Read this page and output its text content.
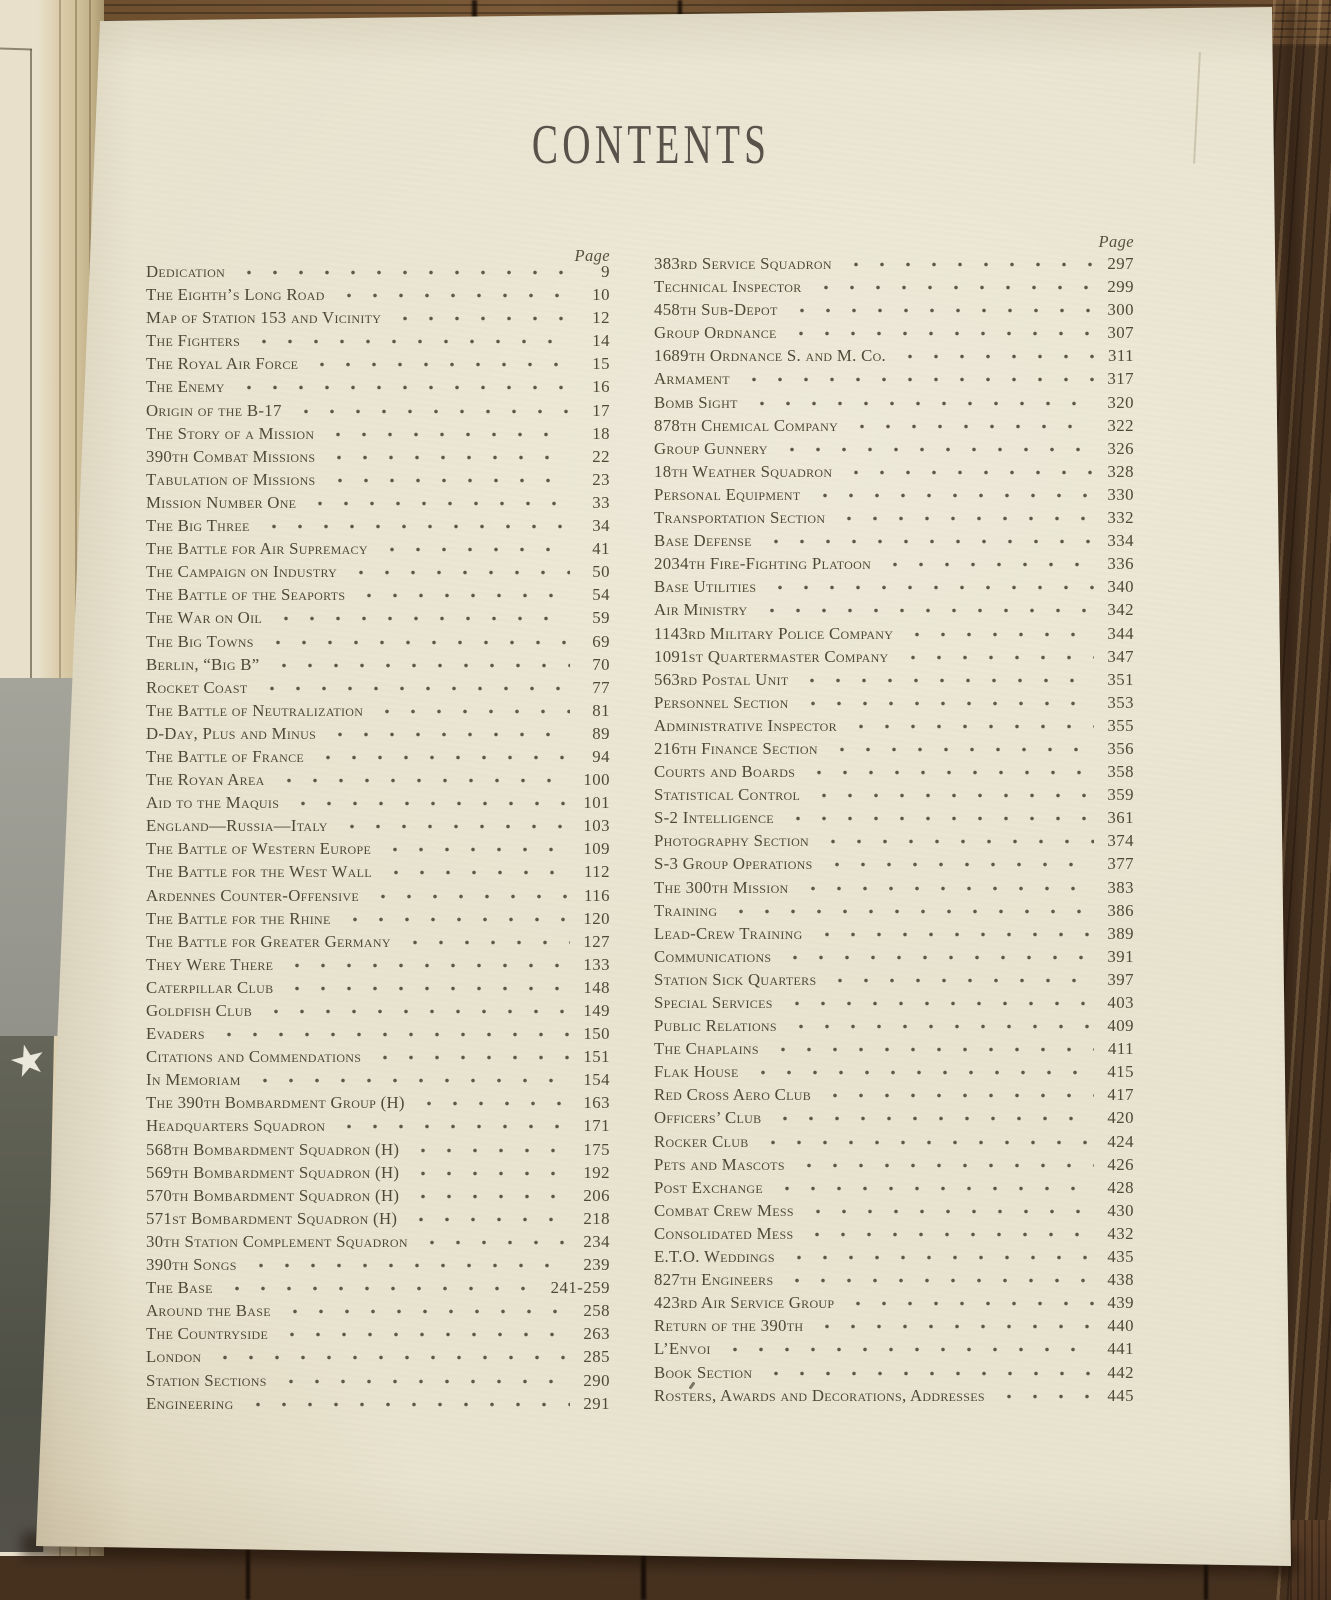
CONTENTS
Page
Page
Dedication	9
The Eighth’s Long Road	10
Map of Station 153 and Vicinity	12
The Fighters	14
The Royal Air Force	15
The Enemy	16
Origin of the B-17	17
The Story of a Mission	18
390th Combat Missions	22
Tabulation of Missions	23
Mission Number One	33
The Big Three	34
The Battle for Air Supremacy	41
The Campaign on Industry	50
The Battle of the Seaports	54
The War on Oil	59
The Big Towns	69
Berlin, “Big B”	70
Rocket Coast	77
The Battle of Neutralization	81
D-Day, Plus and Minus	89
The Battle of France	94
The Royan Area	100
Aid to the Maquis	101
England—Russia—Italy	103
The Battle of Western Europe	109
The Battle for the West Wall	112
Ardennes Counter-Offensive	116
The Battle for the Rhine	120
The Battle for Greater Germany	127
They Were There	133
Caterpillar Club	148
Goldfish Club	149
Evaders	150
Citations and Commendations	151
In Memoriam	154
The 390th Bombardment Group (H)	163
Headquarters Squadron	171
568th Bombardment Squadron (H)	175
569th Bombardment Squadron (H)	192
570th Bombardment Squadron (H)	206
571st Bombardment Squadron (H)	218
30th Station Complement Squadron	234
390th Songs	239
The Base	241-259
Around the Base	258
The Countryside	263
London	285
Station Sections	290
Engineering	291
383rd Service Squadron	297
Technical Inspector	299
458th Sub-Depot	300
Group Ordnance	307
1689th Ordnance S. and M. Co.	311
Armament	317
Bomb Sight	320
878th Chemical Company	322
Group Gunnery	326
18th Weather Squadron	328
Personal Equipment	330
Transportation Section	332
Base Defense	334
2034th Fire-Fighting Platoon	336
Base Utilities	340
Air Ministry	342
1143rd Military Police Company	344
1091st Quartermaster Company	347
563rd Postal Unit	351
Personnel Section	353
Administrative Inspector	355
216th Finance Section	356
Courts and Boards	358
Statistical Control	359
S-2 Intelligence	361
Photography Section	374
S-3 Group Operations	377
The 300th Mission	383
Training	386
Lead-Crew Training	389
Communications	391
Station Sick Quarters	397
Special Services	403
Public Relations	409
The Chaplains	411
Flak House	415
Red Cross Aero Club	417
Officers’ Club	420
Rocker Club	424
Pets and Mascots	426
Post Exchange	428
Combat Crew Mess	430
Consolidated Mess	432
E.T.O. Weddings	435
827th Engineers	438
423rd Air Service Group	439
Return of the 390th	440
L’Envoi	441
Book Section	442
Rosters, Awards and Decorations, Addresses	445
